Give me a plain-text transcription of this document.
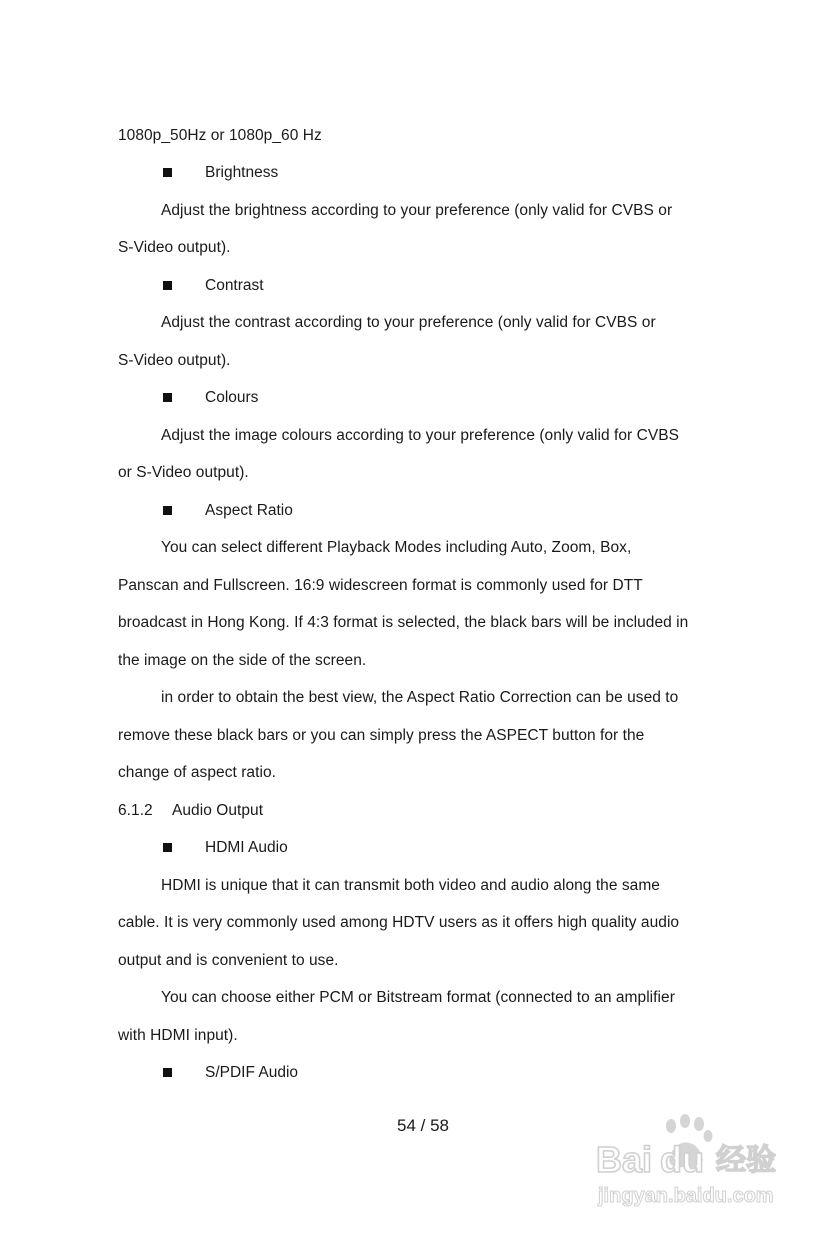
1080p_50Hz or 1080p_60 Hz
Brightness
Adjust the brightness according to your preference (only valid for CVBS or
S-Video output).
Contrast
Adjust the contrast according to your preference (only valid for CVBS or
S-Video output).
Colours
Adjust the image colours according to your preference (only valid for CVBS
or S-Video output).
Aspect Ratio
You can select different Playback Modes including Auto, Zoom, Box,
Panscan and Fullscreen. 16:9 widescreen format is commonly used for DTT
broadcast in Hong Kong. If 4:3 format is selected, the black bars will be included in
the image on the side of the screen.
in order to obtain the best view, the Aspect Ratio Correction can be used to
remove these black bars or you can simply press the ASPECT button for the
change of aspect ratio.
6.1.2 Audio Output
HDMI Audio
HDMI is unique that it can transmit both video and audio along the same
cable. It is very commonly used among HDTV users as it offers high quality audio
output and is convenient to use.
You can choose either PCM or Bitstream format (connected to an amplifier
with HDMI input).
S/PDIF Audio
54 / 58
Bai du 经验
jingyan.baidu.com
